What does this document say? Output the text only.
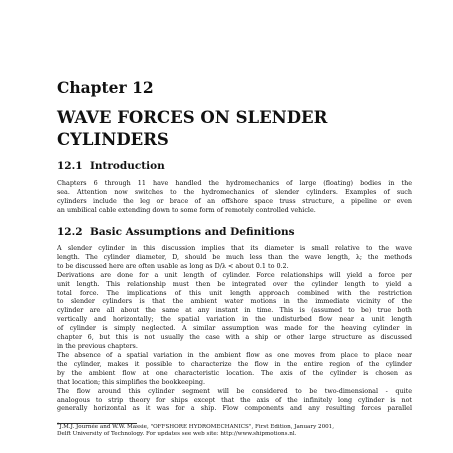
Chapter 12
WAVE FORCES ON SLENDER
CYLINDERS
12.1 Introduction

Chapters 6 through 11 have handled the hydromechanics of large (floating) bodies in the
sea. Attention now switches to the hydromechanics of slender cylinders. Examples of such
cylinders include the leg or brace of an offshore space truss structure, a pipeline or even
an umbilical cable extending down to some form of remotely controlled vehicle.

12.2 Basic Assumptions and Definitions

A slender cylinder in this discussion implies that its diameter is small relative to the wave
length. The cylinder diameter, D, should be much less than the wave length, λ; the methods
to be discussed here are often usable as long as D/λ < about 0.1 to 0.2.

Derivations are done for a unit length of cylinder. Force relationships will yield a force per
unit length. This relationship must then be integrated over the cylinder length to yield a
total force. The implications of this unit length approach combined with the restriction
to slender cylinders is that the ambient water motions in the immediate vicinity of the
cylinder are all about the same at any instant in time. This is (assumed to be) true both
vertically and horizontally; the spatial variation in the undisturbed flow near a unit length
of cylinder is simply neglected. A similar assumption was made for the heaving cylinder in
chapter 6, but this is not usually the case with a ship or other large structure as discussed
in the previous chapters.

The absence of a spatial variation in the ambient flow as one moves from place to place near
the cylinder, makes it possible to characterize the flow in the entire region of the cylinder
by the ambient flow at one characteristic location. The axis of the cylinder is chosen as
that location; this simplifies the bookkeeping.

The flow around this cylinder segment will be considered to be two-dimensional - quite
analogous to strip theory for ships except that the axis of the infinitely long cylinder is not
generally horizontal as it was for a ship. Flow components and any resulting forces parallel

$^0$J.M.J. Journée and W.W. Massie, "OFFSHORE HYDROMECHANICS", First Edition, January 2001,
Delft University of Technology. For updates see web site: http://www.shipmotions.nl.
